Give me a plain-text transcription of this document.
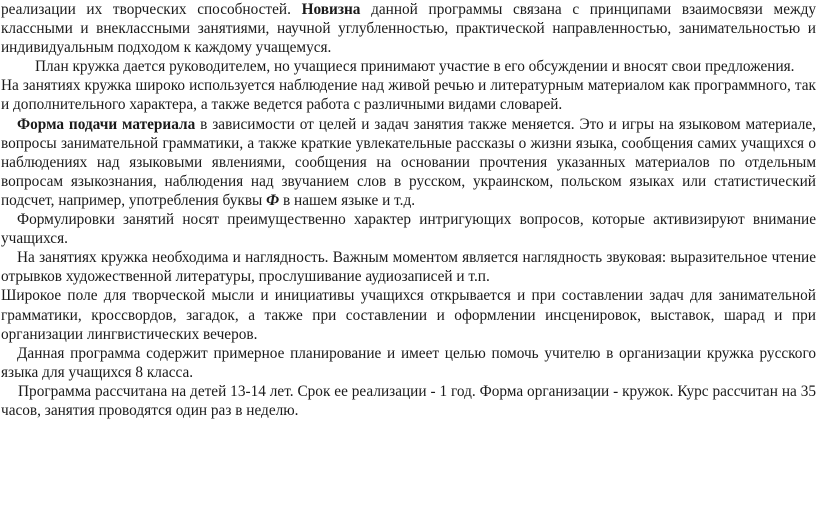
реализации их творческих способностей. Новизна данной программы связана с принципами взаимосвязи между классными и внеклассными занятиями, научной углубленностью, практической направленностью, занимательностью и индивидуальным подходом к каждому учащемуся.

План кружка дается руководителем, но учащиеся принимают участие в его обсуждении и вносят свои предложения.

На занятиях кружка широко используется наблюдение над живой речью и литературным материалом как программного, так и дополнительного характера, а также ведется работа с различными видами словарей.

Форма подачи материала в зависимости от целей и задач занятия также меняется. Это и игры на языковом материале, вопросы занимательной грамматики, а также краткие увлекательные рассказы о жизни языка, сообщения самих учащихся о наблюдениях над языковыми явлениями, сообщения на основании прочтения указанных материалов по отдельным вопросам языкознания, наблюдения над звучанием слов в русском, украинском, польском языках или статистический подсчет, например, употребления буквы Ф в нашем языке и т.д.

Формулировки занятий носят преимущественно характер интригующих вопросов, которые активизируют внимание учащихся.

На занятиях кружка необходима и наглядность. Важным моментом является наглядность звуковая: выразительное чтение отрывков художественной литературы, прослушивание аудиозаписей и т.п.

Широкое поле для творческой мысли и инициативы учащихся открывается и при составлении задач для занимательной грамматики, кроссвордов, загадок, а также при составлении и оформлении инсценировок, выставок, шарад и при организации лингвистических вечеров.

Данная программа содержит примерное планирование и имеет целью помочь учителю в организации кружка русского языка для учащихся 8 класса.

Программа рассчитана на детей 13-14 лет. Срок ее реализации - 1 год. Форма организации - кружок. Курс рассчитан на 35 часов, занятия проводятся один раз в неделю.
